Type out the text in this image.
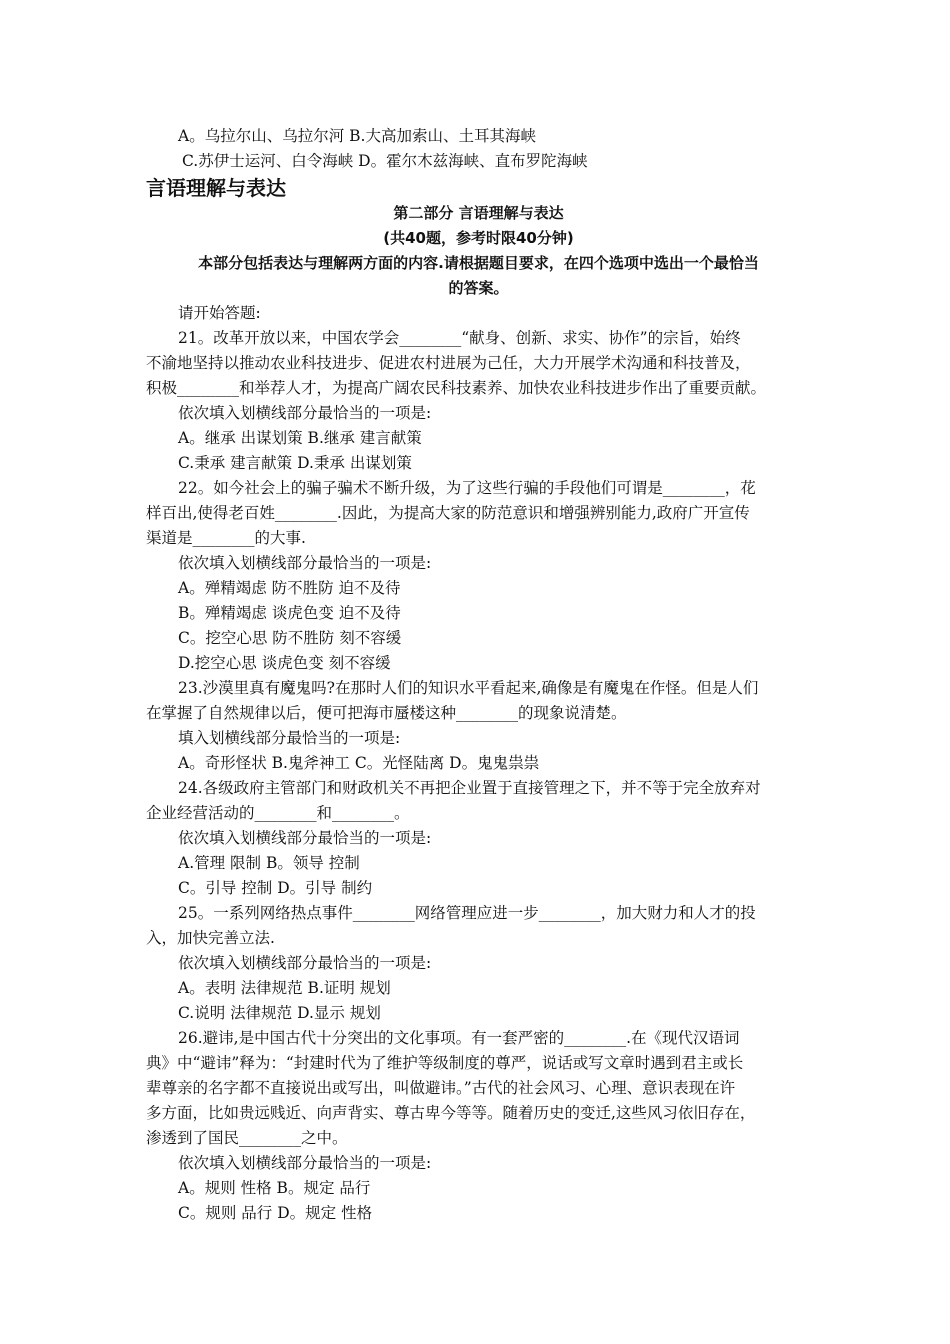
A。乌拉尔山、乌拉尔河 B.大高加索山、土耳其海峡
C.苏伊士运河、白令海峡 D。霍尔木兹海峡、直布罗陀海峡
言语理解与表达
第二部分 言语理解与表达
(共40题，参考时限40分钟)
本部分包括表达与理解两方面的内容.请根据题目要求，在四个选项中选出一个最恰当
的答案。
请开始答题:
21。改革开放以来，中国农学会________“献身、创新、求实、协作”的宗旨，始终
不渝地坚持以推动农业科技进步、促进农村进展为己任，大力开展学术沟通和科技普及，
积极________和举荐人才，为提高广阔农民科技素养、加快农业科技进步作出了重要贡献。
依次填入划横线部分最恰当的一项是:
A。继承 出谋划策 B.继承 建言献策
C.秉承 建言献策 D.秉承 出谋划策
22。如今社会上的骗子骗术不断升级，为了这些行骗的手段他们可谓是________，花
样百出,使得老百姓________.因此，为提高大家的防范意识和增强辨别能力,政府广开宣传
渠道是________的大事.
依次填入划横线部分最恰当的一项是:
A。殚精竭虑 防不胜防 迫不及待
B。殚精竭虑 谈虎色变 迫不及待
C。挖空心思 防不胜防 刻不容缓
D.挖空心思 谈虎色变 刻不容缓
23.沙漠里真有魔鬼吗?在那时人们的知识水平看起来,确像是有魔鬼在作怪。但是人们
在掌握了自然规律以后，便可把海市蜃楼这种________的现象说清楚。
填入划横线部分最恰当的一项是:
A。奇形怪状 B.鬼斧神工 C。光怪陆离 D。鬼鬼祟祟
24.各级政府主管部门和财政机关不再把企业置于直接管理之下，并不等于完全放弃对
企业经营活动的________和________。
依次填入划横线部分最恰当的一项是:
A.管理 限制 B。领导 控制
C。引导 控制 D。引导 制约
25。一系列网络热点事件________网络管理应进一步________，加大财力和人才的投
入，加快完善立法.
依次填入划横线部分最恰当的一项是:
A。表明 法律规范 B.证明 规划
C.说明 法律规范 D.显示 规划
26.避讳,是中国古代十分突出的文化事项。有一套严密的________.在《现代汉语词
典》中“避讳”释为：“封建时代为了维护等级制度的尊严，说话或写文章时遇到君主或长
辈尊亲的名字都不直接说出或写出，叫做避讳。”古代的社会风习、心理、意识表现在许
多方面，比如贵远贱近、向声背实、尊古卑今等等。随着历史的变迁,这些风习依旧存在，
渗透到了国民________之中。
依次填入划横线部分最恰当的一项是:
A。规则 性格 B。规定 品行
C。规则 品行 D。规定 性格
